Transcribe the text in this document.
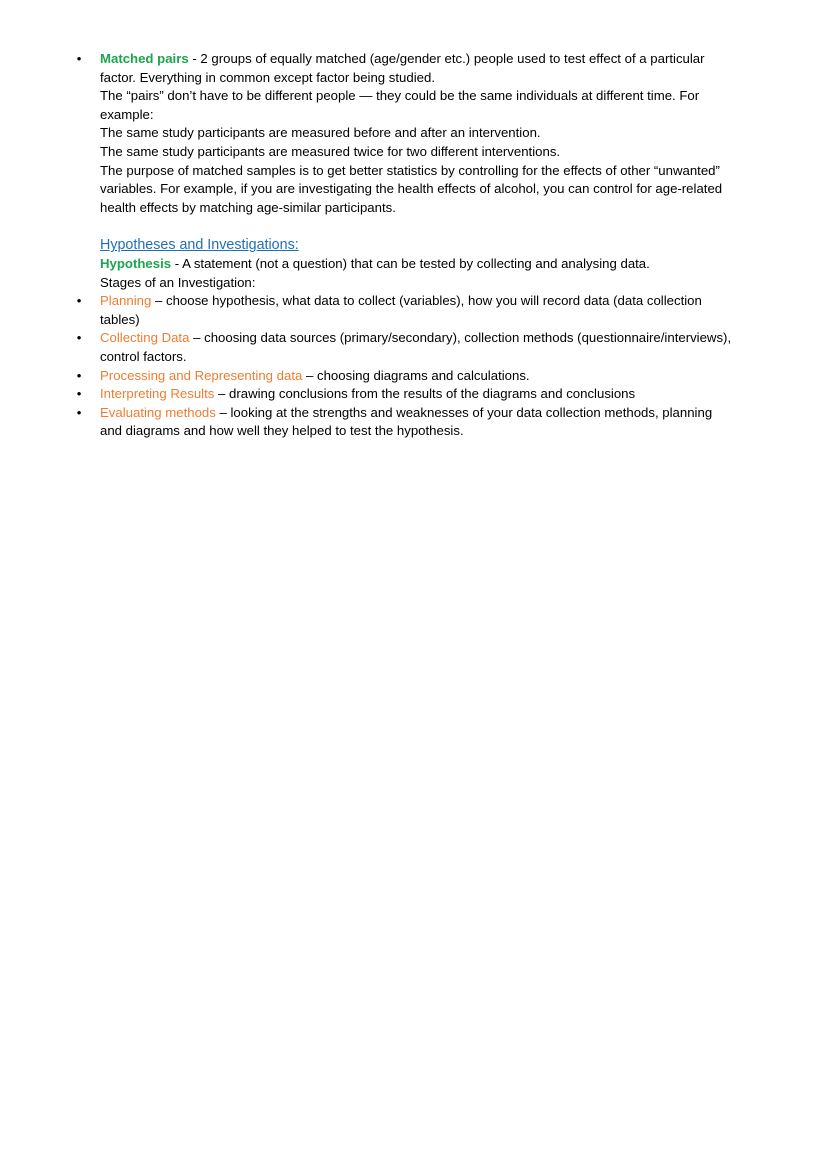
• Matched pairs - 2 groups of equally matched (age/gender etc.) people used to test effect of a particular
factor. Everything in common except factor being studied.
The “pairs” don’t have to be different people — they could be the same individuals at different time. For
example:
The same study participants are measured before and after an intervention.
The same study participants are measured twice for two different interventions.
The purpose of matched samples is to get better statistics by controlling for the effects of other “unwanted”
variables. For example, if you are investigating the health effects of alcohol, you can control for age-related
health effects by matching age-similar participants.
Hypotheses and Investigations:
Hypothesis - A statement (not a question) that can be tested by collecting and analysing data.
Stages of an Investigation:
• Planning – choose hypothesis, what data to collect (variables), how you will record data (data collection
tables)
• Collecting Data – choosing data sources (primary/secondary), collection methods (questionnaire/interviews),
control factors.
• Processing and Representing data – choosing diagrams and calculations.
• Interpreting Results – drawing conclusions from the results of the diagrams and conclusions
• Evaluating methods – looking at the strengths and weaknesses of your data collection methods, planning
and diagrams and how well they helped to test the hypothesis.
